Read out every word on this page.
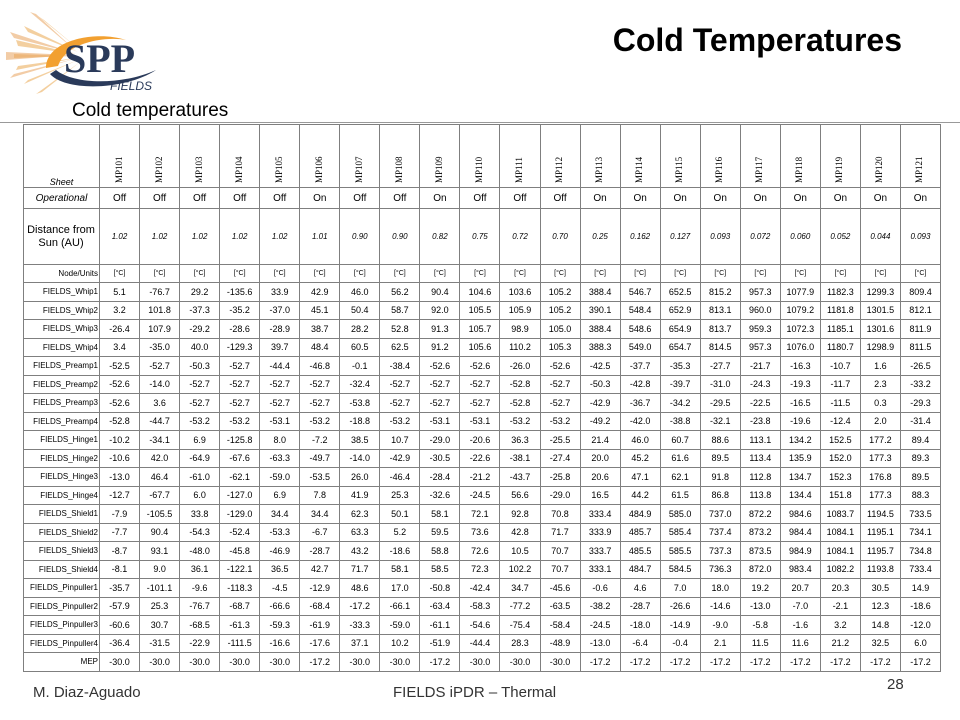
SPP
FIELDS
Cold Temperatures
Cold temperatures
Sheet	MP101	MP102	MP103	MP104	MP105	MP106	MP107	MP108	MP109	MP110	MP111	MP112	MP113	MP114	MP115	MP116	MP117	MP118	MP119	MP120	MP121

Operational	Off	Off	Off	Off	Off	On	Off	Off	On	Off	Off	Off	On	On	On	On	On	On	On	On	On
Distance from Sun (AU)	1.02	1.02	1.02	1.02	1.02	1.01	0.90	0.90	0.82	0.75	0.72	0.70	0.25	0.162	0.127	0.093	0.072	0.060	0.052	0.044	0.093
Node/Units	[°C]	[°C]	[°C]	[°C]	[°C]	[°C]	[°C]	[°C]	[°C]	[°C]	[°C]	[°C]	[°C]	[°C]	[°C]	[°C]	[°C]	[°C]	[°C]	[°C]	[°C]
FIELDS_Whip1	5.1	-76.7	29.2	-135.6	33.9	42.9	46.0	56.2	90.4	104.6	103.6	105.2	388.4	546.7	652.5	815.2	957.3	1077.9	1182.3	1299.3	809.4
FIELDS_Whip2	3.2	101.8	-37.3	-35.2	-37.0	45.1	50.4	58.7	92.0	105.5	105.9	105.2	390.1	548.4	652.9	813.1	960.0	1079.2	1181.8	1301.5	812.1
FIELDS_Whip3	-26.4	107.9	-29.2	-28.6	-28.9	38.7	28.2	52.8	91.3	105.7	98.9	105.0	388.4	548.6	654.9	813.7	959.3	1072.3	1185.1	1301.6	811.9
FIELDS_Whip4	3.4	-35.0	40.0	-129.3	39.7	48.4	60.5	62.5	91.2	105.6	110.2	105.3	388.3	549.0	654.7	814.5	957.3	1076.0	1180.7	1298.9	811.5
FIELDS_Preamp1	-52.5	-52.7	-50.3	-52.7	-44.4	-46.8	-0.1	-38.4	-52.6	-52.6	-26.0	-52.6	-42.5	-37.7	-35.3	-27.7	-21.7	-16.3	-10.7	1.6	-26.5
FIELDS_Preamp2	-52.6	-14.0	-52.7	-52.7	-52.7	-52.7	-32.4	-52.7	-52.7	-52.7	-52.8	-52.7	-50.3	-42.8	-39.7	-31.0	-24.3	-19.3	-11.7	2.3	-33.2
FIELDS_Preamp3	-52.6	3.6	-52.7	-52.7	-52.7	-52.7	-53.8	-52.7	-52.7	-52.7	-52.8	-52.7	-42.9	-36.7	-34.2	-29.5	-22.5	-16.5	-11.5	0.3	-29.3
FIELDS_Preamp4	-52.8	-44.7	-53.2	-53.2	-53.1	-53.2	-18.8	-53.2	-53.1	-53.1	-53.2	-53.2	-49.2	-42.0	-38.8	-32.1	-23.8	-19.6	-12.4	2.0	-31.4
FIELDS_Hinge1	-10.2	-34.1	6.9	-125.8	8.0	-7.2	38.5	10.7	-29.0	-20.6	36.3	-25.5	21.4	46.0	60.7	88.6	113.1	134.2	152.5	177.2	89.4
FIELDS_Hinge2	-10.6	42.0	-64.9	-67.6	-63.3	-49.7	-14.0	-42.9	-30.5	-22.6	-38.1	-27.4	20.0	45.2	61.6	89.5	113.4	135.9	152.0	177.3	89.3
FIELDS_Hinge3	-13.0	46.4	-61.0	-62.1	-59.0	-53.5	26.0	-46.4	-28.4	-21.2	-43.7	-25.8	20.6	47.1	62.1	91.8	112.8	134.7	152.3	176.8	89.5
FIELDS_Hinge4	-12.7	-67.7	6.0	-127.0	6.9	7.8	41.9	25.3	-32.6	-24.5	56.6	-29.0	16.5	44.2	61.5	86.8	113.8	134.4	151.8	177.3	88.3
FIELDS_Shield1	-7.9	-105.5	33.8	-129.0	34.4	34.4	62.3	50.1	58.1	72.1	92.8	70.8	333.4	484.9	585.0	737.0	872.2	984.6	1083.7	1194.5	733.5
FIELDS_Shield2	-7.7	90.4	-54.3	-52.4	-53.3	-6.7	63.3	5.2	59.5	73.6	42.8	71.7	333.9	485.7	585.4	737.4	873.2	984.4	1084.1	1195.1	734.1
FIELDS_Shield3	-8.7	93.1	-48.0	-45.8	-46.9	-28.7	43.2	-18.6	58.8	72.6	10.5	70.7	333.7	485.5	585.5	737.3	873.5	984.9	1084.1	1195.7	734.8
FIELDS_Shield4	-8.1	9.0	36.1	-122.1	36.5	42.7	71.7	58.1	58.5	72.3	102.2	70.7	333.1	484.7	584.5	736.3	872.0	983.4	1082.2	1193.8	733.4
FIELDS_Pinpuller1	-35.7	-101.1	-9.6	-118.3	-4.5	-12.9	48.6	17.0	-50.8	-42.4	34.7	-45.6	-0.6	4.6	7.0	18.0	19.2	20.7	20.3	30.5	14.9
FIELDS_Pinpuller2	-57.9	25.3	-76.7	-68.7	-66.6	-68.4	-17.2	-66.1	-63.4	-58.3	-77.2	-63.5	-38.2	-28.7	-26.6	-14.6	-13.0	-7.0	-2.1	12.3	-18.6
FIELDS_Pinpuller3	-60.6	30.7	-68.5	-61.3	-59.3	-61.9	-33.3	-59.0	-61.1	-54.6	-75.4	-58.4	-24.5	-18.0	-14.9	-9.0	-5.8	-1.6	3.2	14.8	-12.0
FIELDS_Pinpuller4	-36.4	-31.5	-22.9	-111.5	-16.6	-17.6	37.1	10.2	-51.9	-44.4	28.3	-48.9	-13.0	-6.4	-0.4	2.1	11.5	11.6	21.2	32.5	6.0
MEP	-30.0	-30.0	-30.0	-30.0	-30.0	-17.2	-30.0	-30.0	-17.2	-30.0	-30.0	-30.0	-17.2	-17.2	-17.2	-17.2	-17.2	-17.2	-17.2	-17.2	-17.2
M. Diaz-Aguado	FIELDS iPDR – Thermal	28
